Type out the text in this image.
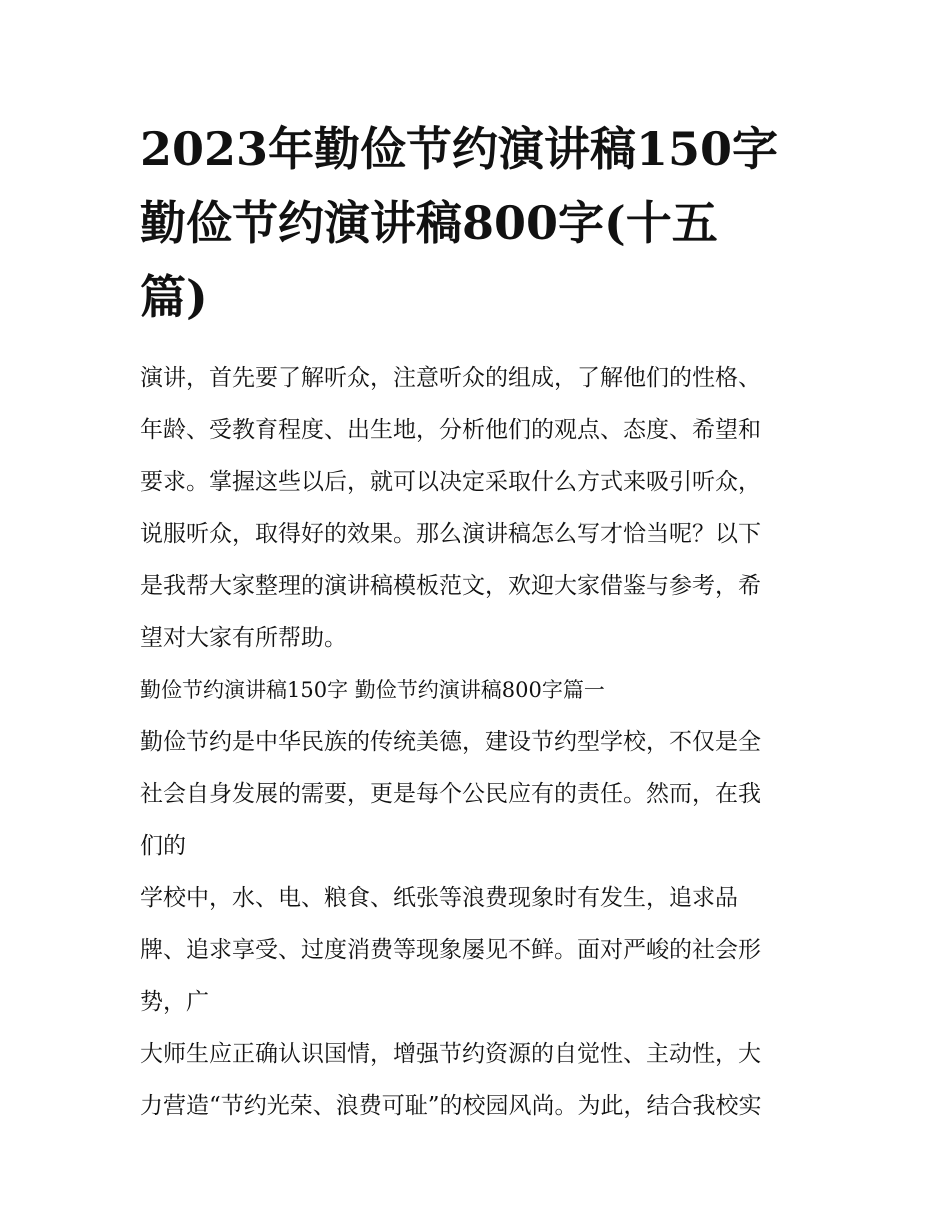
2023年勤俭节约演讲稿150字
勤俭节约演讲稿800字(十五
篇)

演讲，首先要了解听众，注意听众的组成，了解他们的性格、
年龄、受教育程度、出生地，分析他们的观点、态度、希望和
要求。掌握这些以后，就可以决定采取什么方式来吸引听众，
说服听众，取得好的效果。那么演讲稿怎么写才恰当呢？以下
是我帮大家整理的演讲稿模板范文，欢迎大家借鉴与参考，希
望对大家有所帮助。

勤俭节约演讲稿150字 勤俭节约演讲稿800字篇一

勤俭节约是中华民族的传统美德，建设节约型学校，不仅是全
社会自身发展的需要，更是每个公民应有的责任。然而，在我
们的

学校中，水、电、粮食、纸张等浪费现象时有发生，追求品
牌、追求享受、过度消费等现象屡见不鲜。面对严峻的社会形
势，广

大师生应正确认识国情，增强节约资源的自觉性、主动性，大
力营造“节约光荣、浪费可耻”的校园风尚。为此，结合我校实
